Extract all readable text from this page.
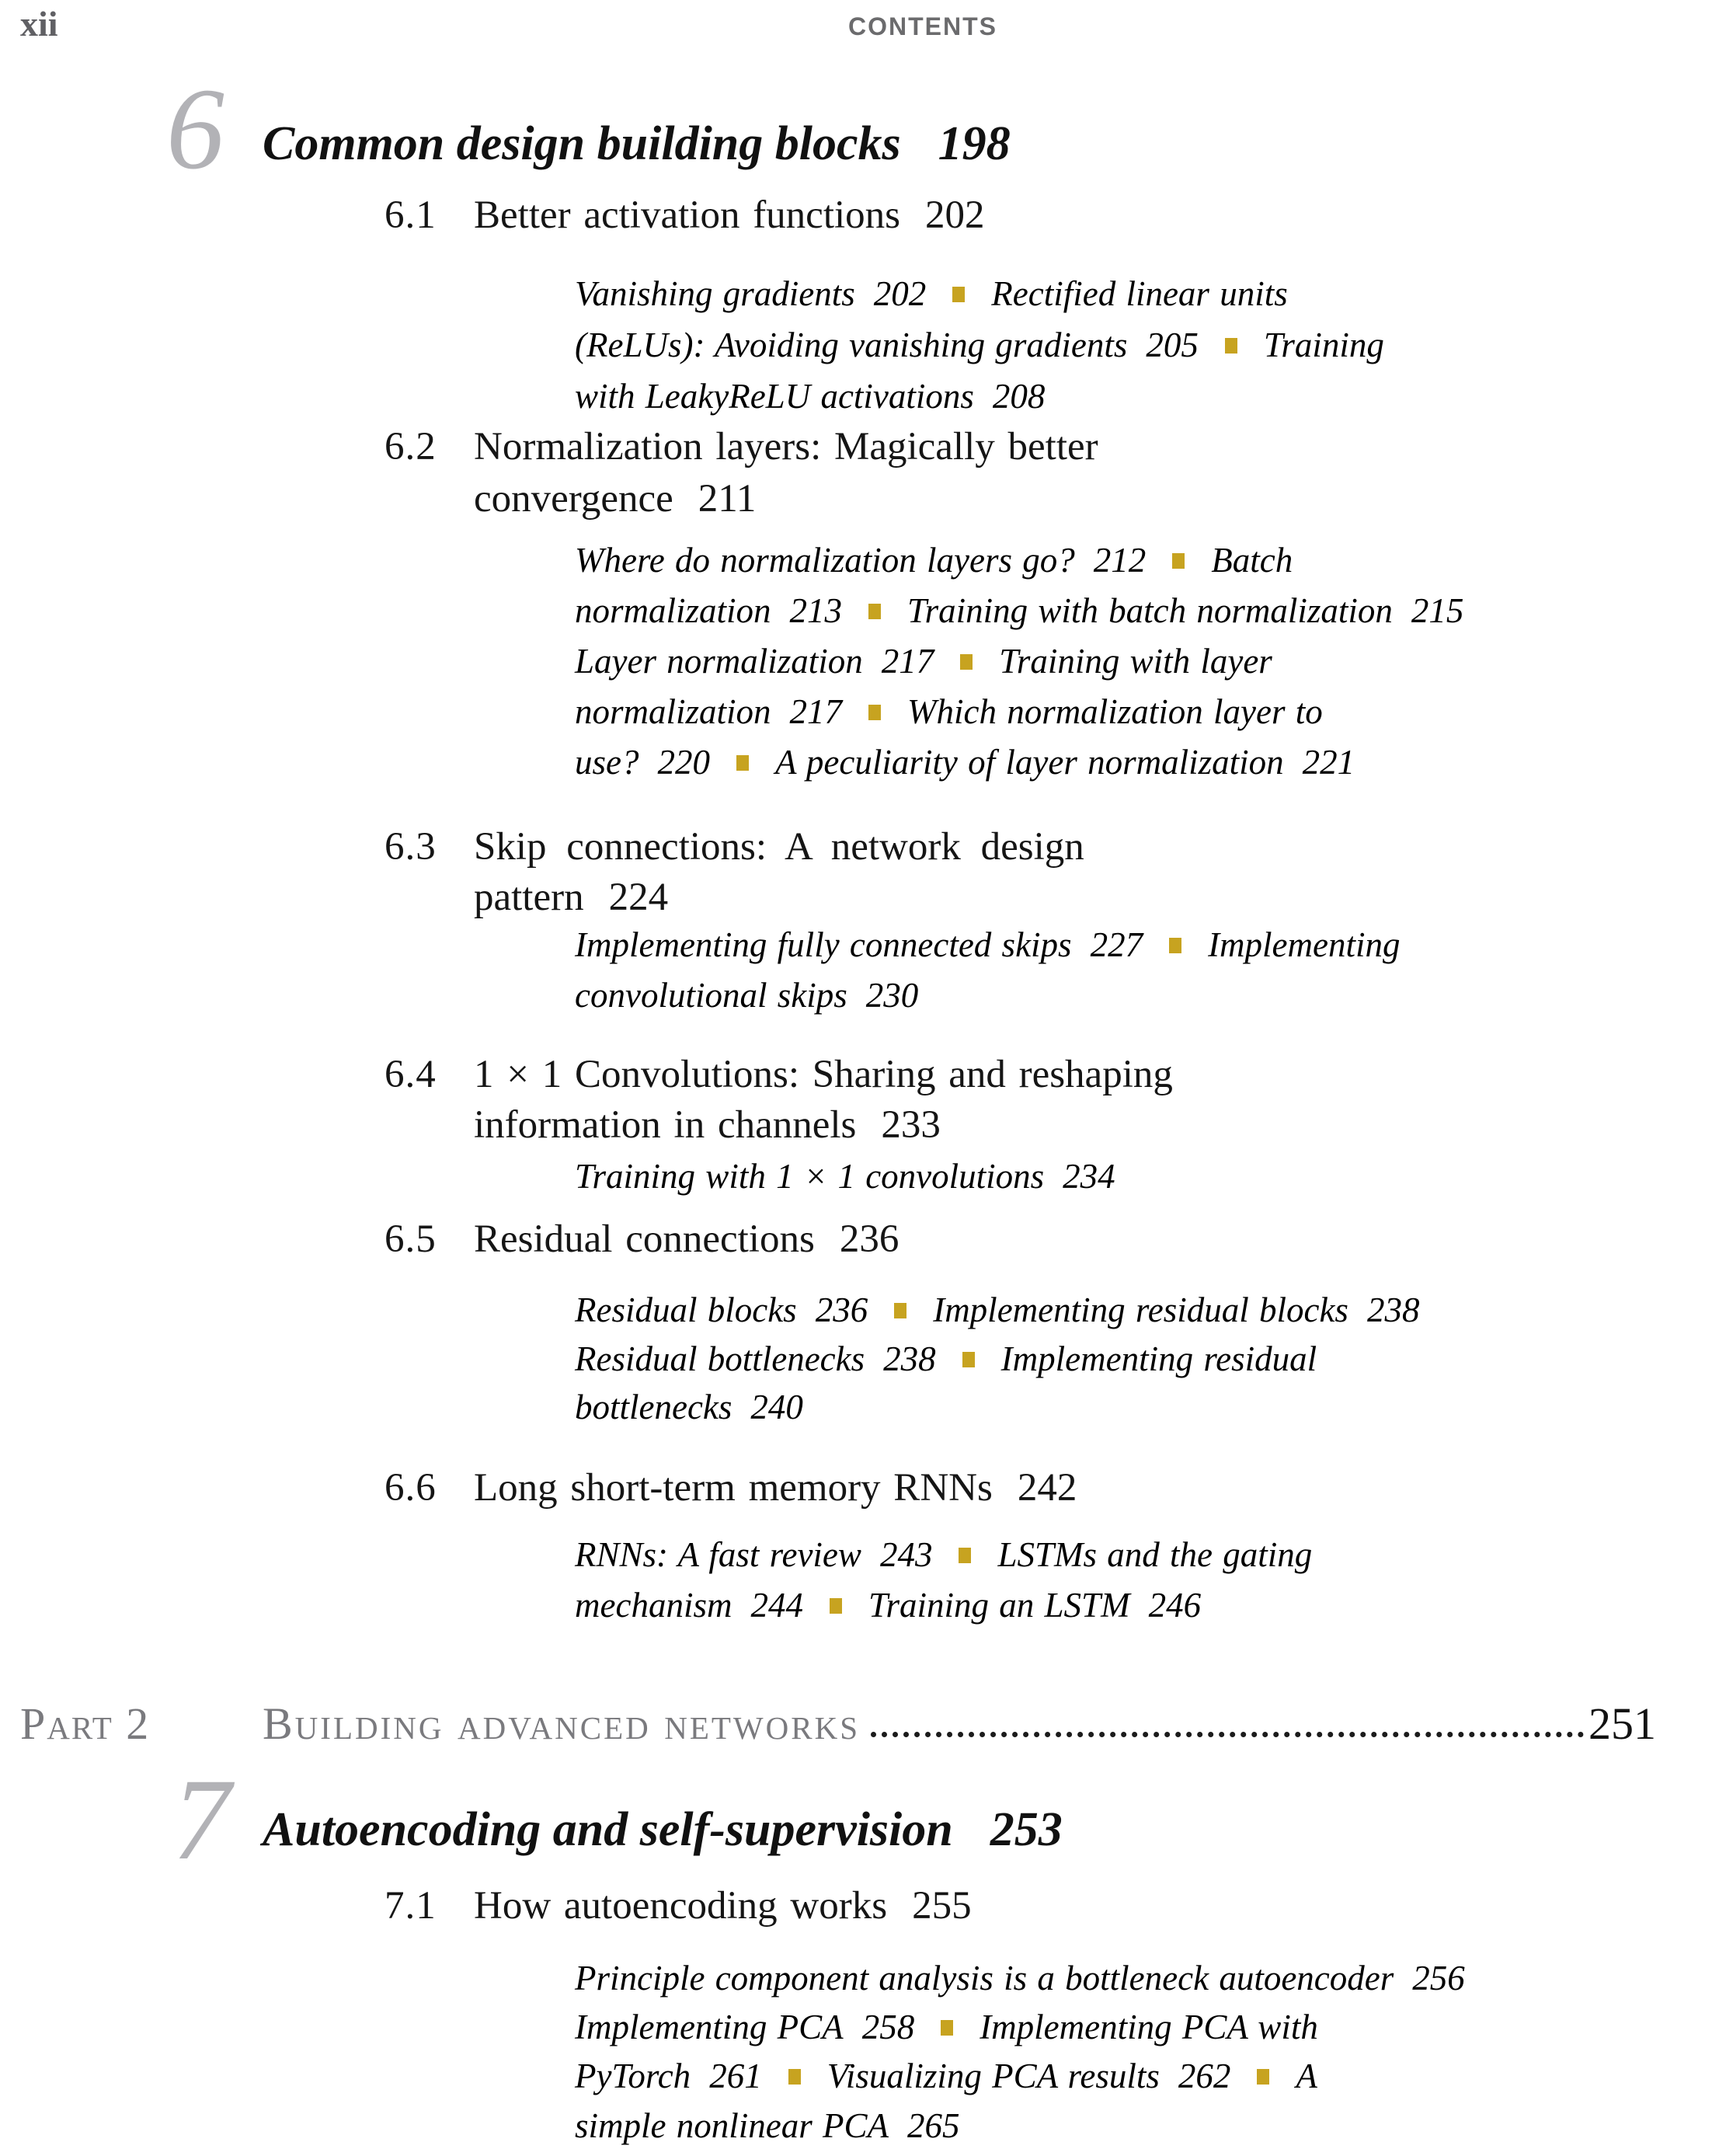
xii	CONTENTS
6 Common design building blocks 198
6.1 Better activation functions 202
Vanishing gradients 202 Rectified linear units
(ReLUs): Avoiding vanishing gradients 205 Training
with LeakyReLU activations 208
6.2 Normalization layers: Magically better
convergence 211
Where do normalization layers go? 212 Batch
normalization 213 Training with batch normalization 215
Layer normalization 217 Training with layer
normalization 217 Which normalization layer to
use? 220 A peculiarity of layer normalization 221
6.3 Skip connections: A network design
pattern 224
Implementing fully connected skips 227 Implementing
convolutional skips 230
6.4 1 × 1 Convolutions: Sharing and reshaping
information in channels 233
Training with 1 × 1 convolutions 234
6.5 Residual connections 236
Residual blocks 236 Implementing residual blocks 238
Residual bottlenecks 238 Implementing residual
bottlenecks 240
6.6 Long short-term memory RNNs 242
RNNs: A fast review 243 LSTMs and the gating
mechanism 244 Training an LSTM 246
Part 2	Building advanced networks	251
7 Autoencoding and self-supervision 253
7.1 How autoencoding works 255
Principle component analysis is a bottleneck autoencoder 256
Implementing PCA 258 Implementing PCA with
PyTorch 261 Visualizing PCA results 262 A
simple nonlinear PCA 265
